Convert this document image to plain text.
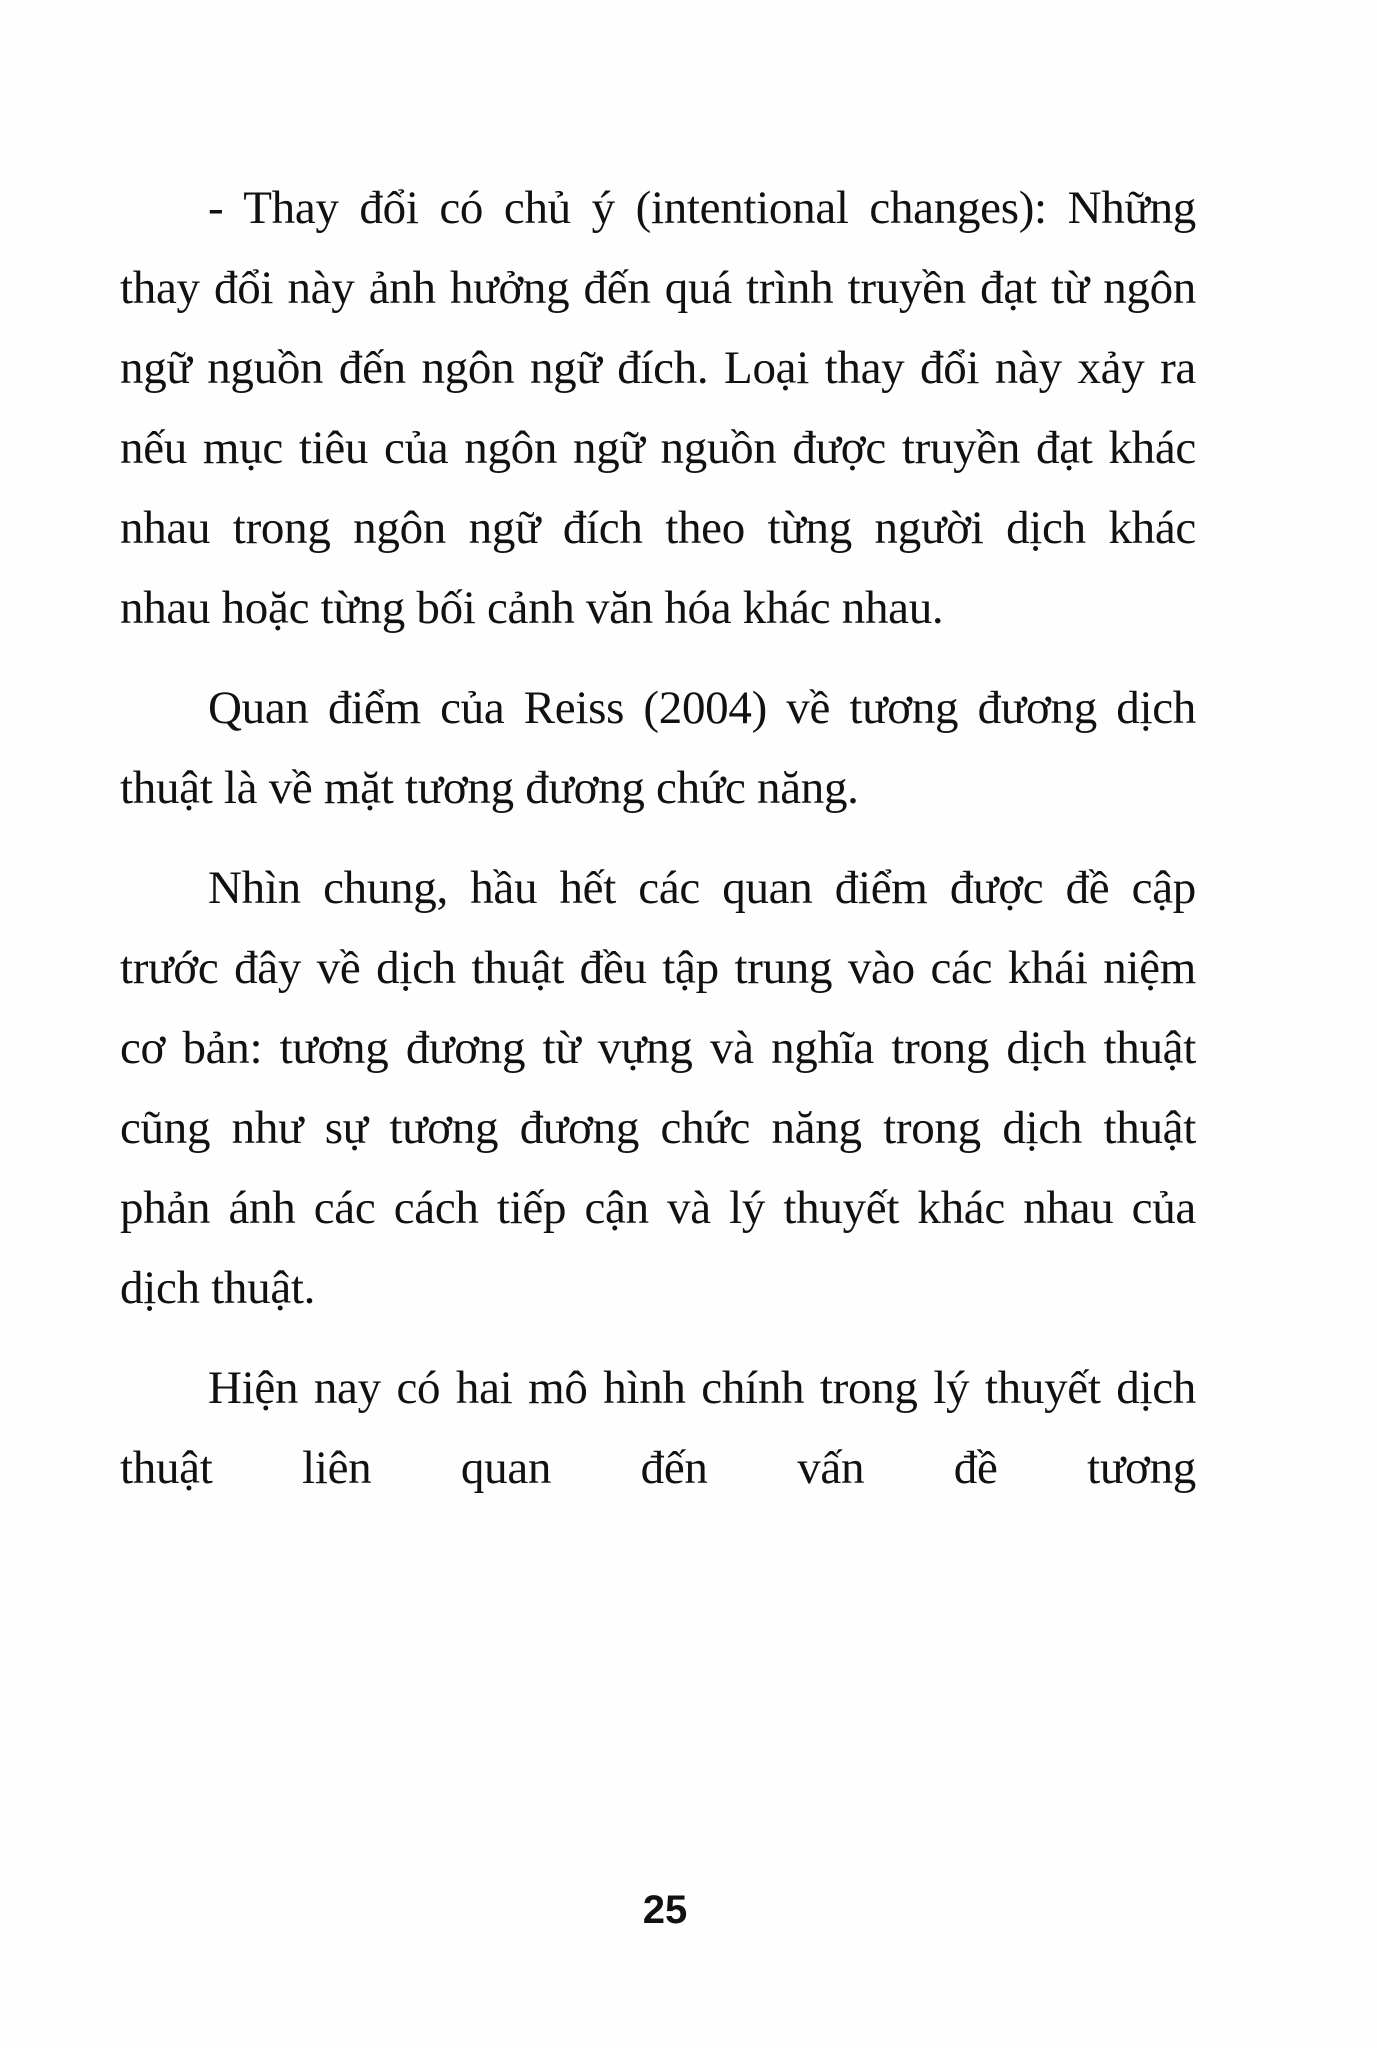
- Thay đổi có chủ ý (intentional changes): Những thay đổi này ảnh hưởng đến quá trình truyền đạt từ ngôn ngữ nguồn đến ngôn ngữ đích. Loại thay đổi này xảy ra nếu mục tiêu của ngôn ngữ nguồn được truyền đạt khác nhau trong ngôn ngữ đích theo từng người dịch khác nhau hoặc từng bối cảnh văn hóa khác nhau.

Quan điểm của Reiss (2004) về tương đương dịch thuật là về mặt tương đương chức năng.

Nhìn chung, hầu hết các quan điểm được đề cập trước đây về dịch thuật đều tập trung vào các khái niệm cơ bản: tương đương từ vựng và nghĩa trong dịch thuật cũng như sự tương đương chức năng trong dịch thuật phản ánh các cách tiếp cận và lý thuyết khác nhau của dịch thuật.

Hiện nay có hai mô hình chính trong lý thuyết dịch thuật liên quan đến vấn đề tương

25
